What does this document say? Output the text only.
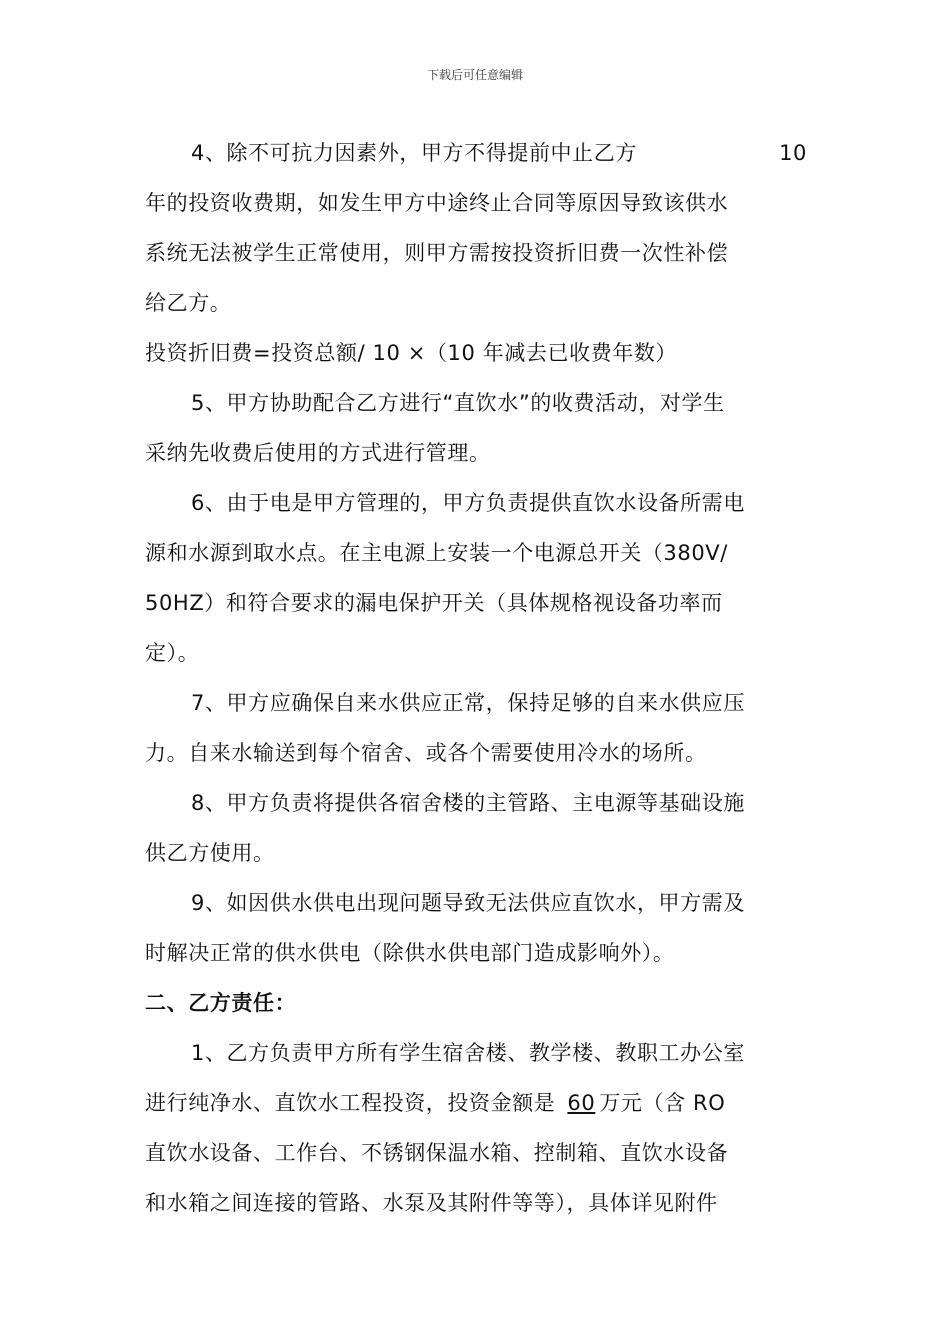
下载后可任意编辑
4、除不可抗力因素外，甲方不得提前中止乙方	10
年的投资收费期，如发生甲方中途终止合同等原因导致该供水
系统无法被学生正常使用，则甲方需按投资折旧费一次性补偿
给乙方。
投资折旧费=投资总额/ 10 ×（10 年减去已收费年数）
5、甲方协助配合乙方进行“直饮水”的收费活动，对学生
采纳先收费后使用的方式进行管理。
6、由于电是甲方管理的，甲方负责提供直饮水设备所需电
源和水源到取水点。在主电源上安装一个电源总开关（380V/
50HZ）和符合要求的漏电保护开关（具体规格视设备功率而
定）。
7、甲方应确保自来水供应正常，保持足够的自来水供应压
力。自来水输送到每个宿舍、或各个需要使用冷水的场所。
8、甲方负责将提供各宿舍楼的主管路、主电源等基础设施
供乙方使用。
9、如因供水供电出现问题导致无法供应直饮水，甲方需及
时解决正常的供水供电（除供水供电部门造成影响外）。
二、乙方责任：
1、乙方负责甲方所有学生宿舍楼、教学楼、教职工办公室
进行纯净水、直饮水工程投资，投资金额是 60 万元（含 RO
直饮水设备、工作台、不锈钢保温水箱、控制箱、直饮水设备
和水箱之间连接的管路、水泵及其附件等等），具体详见附件
